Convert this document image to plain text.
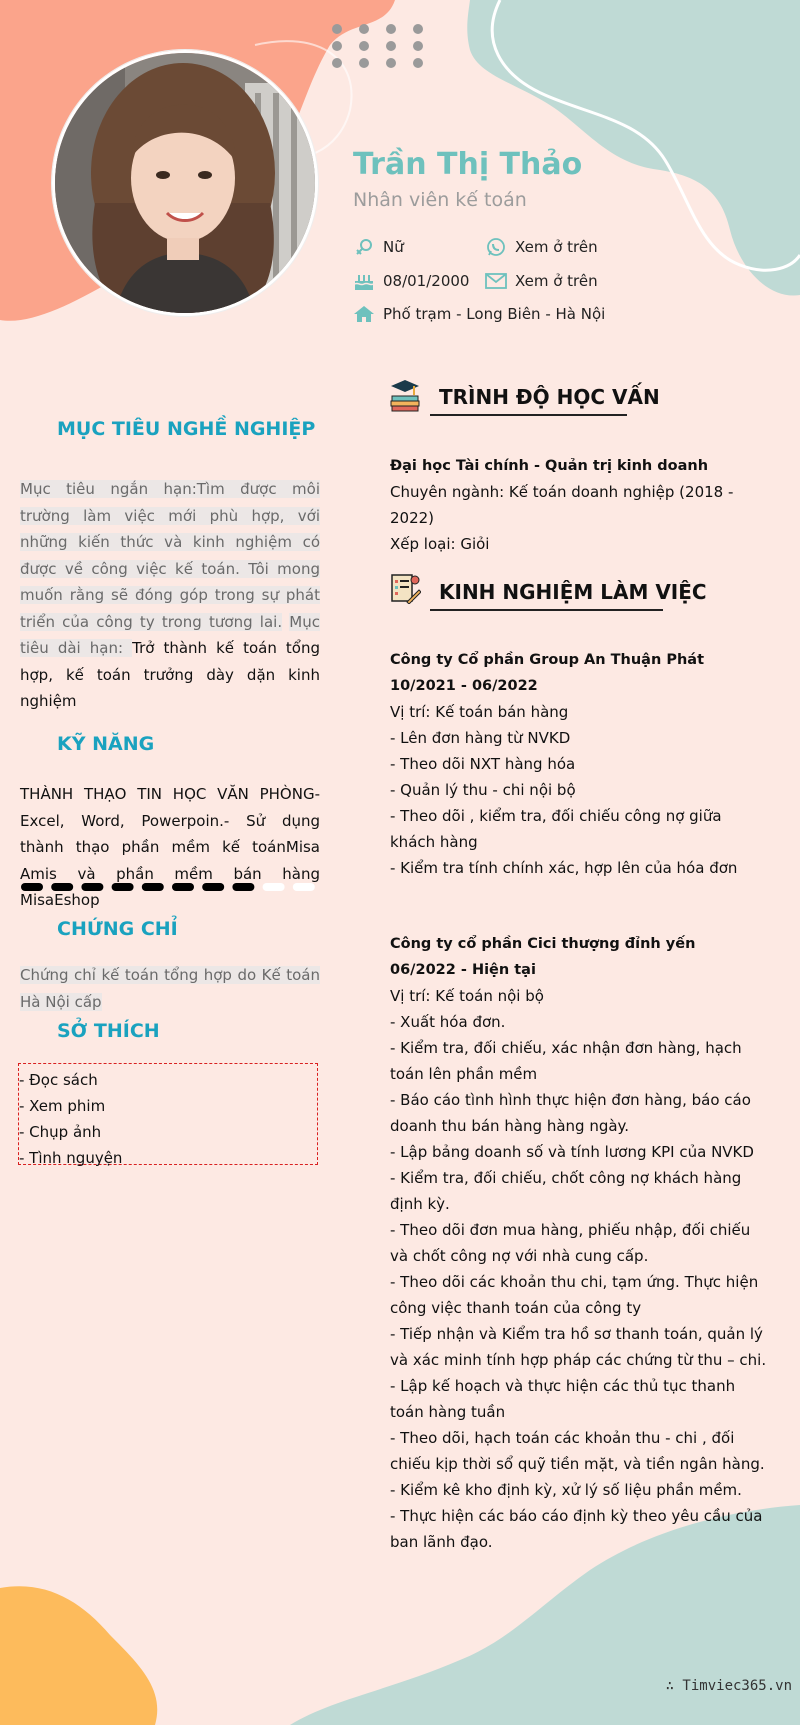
Trần Thị Thảo
Nhân viên kế toán
Nữ	Xem ở trên
08/01/2000	Xem ở trên
Phố trạm - Long Biên - Hà Nội
MỤC TIÊU NGHỀ NGHIỆP
Mục tiêu ngắn hạn:Tìm được môi trường làm việc mới phù hợp, với những kiến thức và kinh nghiệm có được về công việc kế toán. Tôi mong muốn rằng sẽ đóng góp trong sự phát triển của công ty trong tương lai. Mục tiêu dài hạn: Trở thành kế toán tổng hợp, kế toán trưởng dày dặn kinh nghiệm
KỸ NĂNG
THÀNH THẠO TIN HỌC VĂN PHÒNG- Excel, Word, Powerpoin.- Sử dụng thành thạo phần mềm kế toánMisa Amis và phần mềm bán hàng MisaEshop
CHỨNG CHỈ
Chứng chỉ kế toán tổng hợp do Kế toán Hà Nội cấp
SỞ THÍCH
- Đọc sách
- Xem phim
- Chụp ảnh
- Tình nguyện
TRÌNH ĐỘ HỌC VẤN
Đại học Tài chính - Quản trị kinh doanh
Chuyên ngành: Kế toán doanh nghiệp (2018 - 2022)
Xếp loại: Giỏi
KINH NGHIỆM LÀM VIỆC
Công ty Cổ phần Group An Thuận Phát
10/2021 - 06/2022
Vị trí: Kế toán bán hàng
- Lên đơn hàng từ NVKD
- Theo dõi NXT hàng hóa
- Quản lý thu - chi nội bộ
- Theo dõi , kiểm tra, đối chiếu công nợ giữa khách hàng
- Kiểm tra tính chính xác, hợp lên của hóa đơn
Công ty cổ phần Cici thượng đỉnh yến
06/2022 - Hiện tại
Vị trí: Kế toán nội bộ
- Xuất hóa đơn.
- Kiểm tra, đối chiếu, xác nhận đơn hàng, hạch toán lên phần mềm
- Báo cáo tình hình thực hiện đơn hàng, báo cáo doanh thu bán hàng hàng ngày.
- Lập bảng doanh số và tính lương KPI của NVKD
- Kiểm tra, đối chiếu, chốt công nợ khách hàng định kỳ.
- Theo dõi đơn mua hàng, phiếu nhập, đối chiếu và chốt công nợ với nhà cung cấp.
- Theo dõi các khoản thu chi, tạm ứng. Thực hiện công việc thanh toán của công ty
- Tiếp nhận và Kiểm tra hồ sơ thanh toán, quản lý và xác minh tính hợp pháp các chứng từ thu – chi.
- Lập kế hoạch và thực hiện các thủ tục thanh toán hàng tuần
- Theo dõi, hạch toán các khoản thu - chi , đối chiếu kịp thời sổ quỹ tiền mặt, và tiền ngân hàng.
- Kiểm kê kho định kỳ, xử lý số liệu phần mềm.
- Thực hiện các báo cáo định kỳ theo yêu cầu của ban lãnh đạo.
∴ Timviec365.vn
